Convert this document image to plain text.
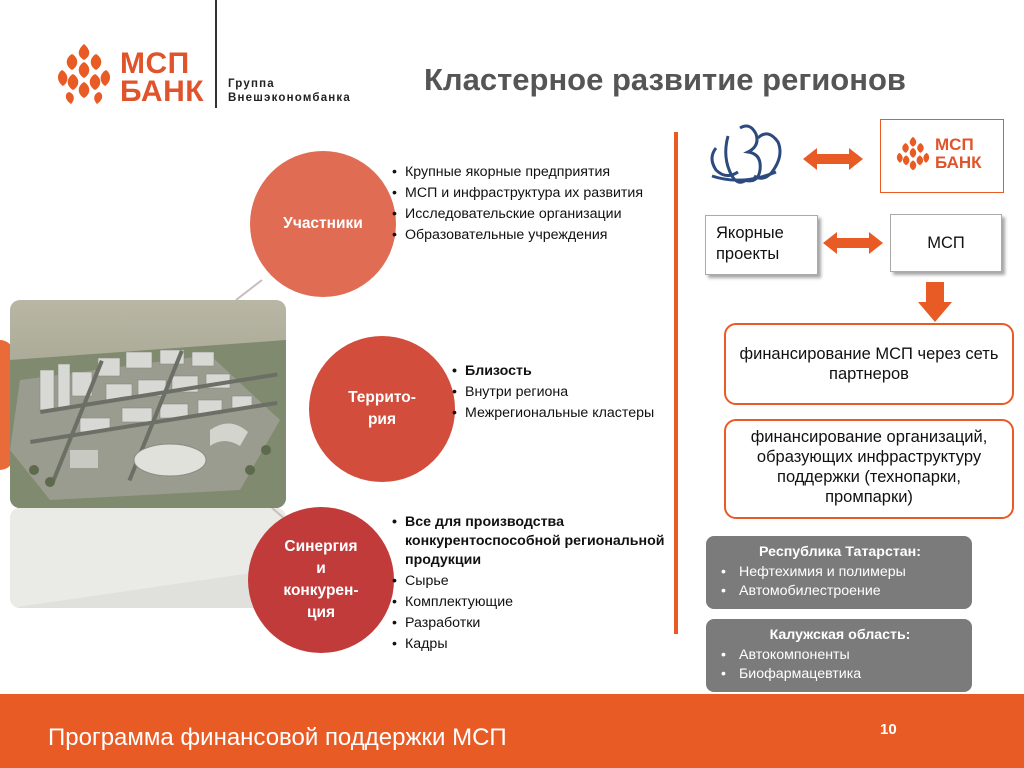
МСП
БАНК Группа
Внешэкономбанка
Кластерное развитие регионов
Участники
Террито-
рия
Синергия
и
конкурен-
ция
• Крупные якорные предприятия
• МСП и инфраструктура их развития
• Исследовательские организации
• Образовательные учреждения
• Близость
• Внутри региона
• Межрегиональные кластеры
• Все для производства конкурентоспособной региональной продукции
• Сырье
• Комплектующие
• Разработки
• Кадры
МСП
БАНК
Якорные проекты
МСП
финансирование МСП через сеть партнеров
финансирование организаций, образующих инфраструктуру поддержки (технопарки, промпарки)
Республика Татарстан:
• Нефтехимия и полимеры
• Автомобилестроение
Калужская область:
• Автокомпоненты
• Биофармацевтика
Программа финансовой поддержки МСП	10
